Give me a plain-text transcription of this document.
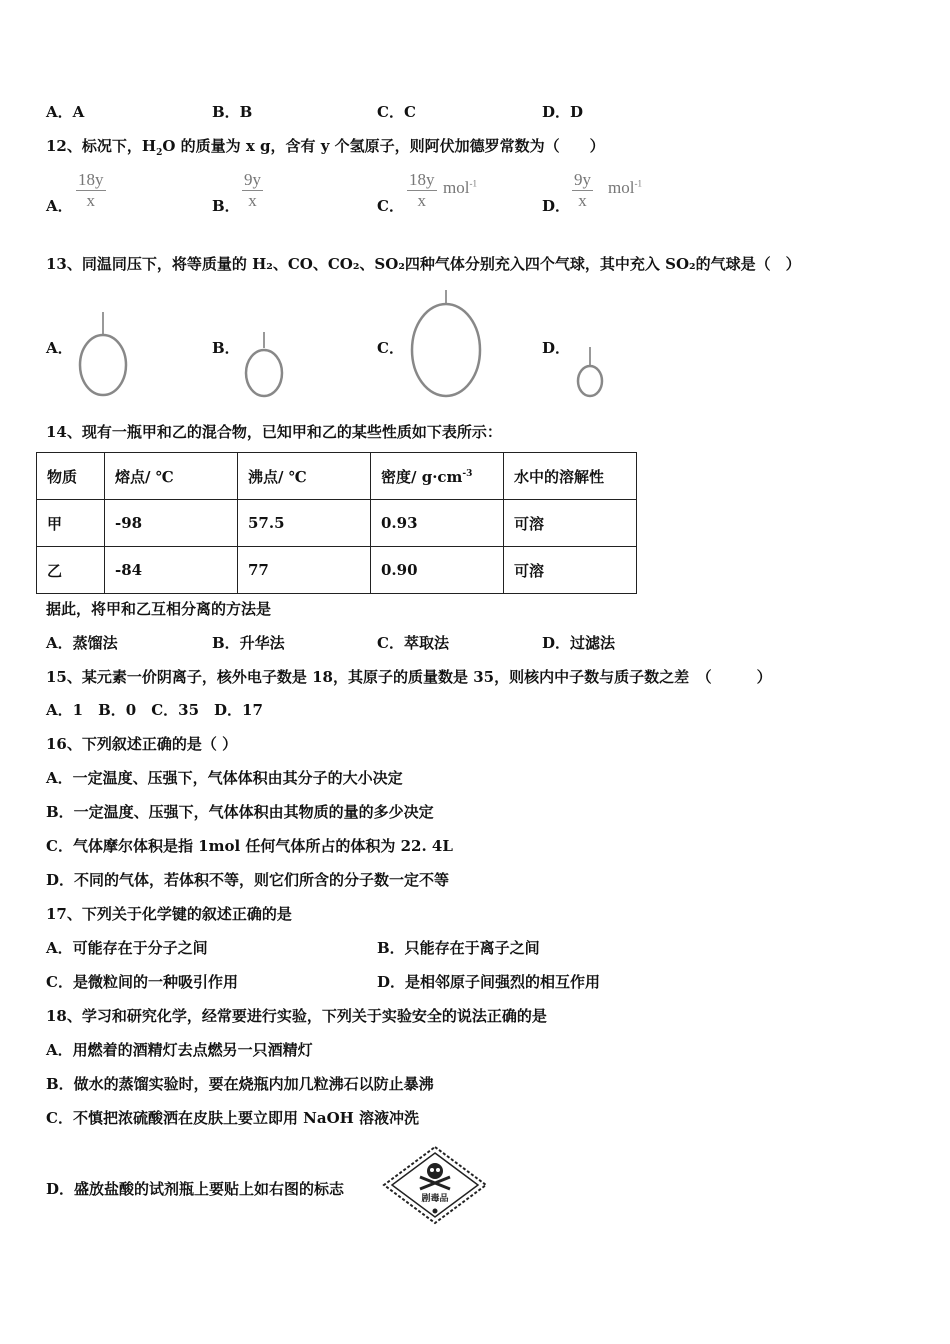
A．A	B．B	C．C	D．D
12、标况下，$H_2O$ 的质量为 x g，含有 y 个氢原子，则阿伏加德罗常数为（　　）
A． $\frac{18y}{x}$	B． $\frac{9y}{x}$	C．
18y
x
mol$^{-1}$
D．
9y
x
mol$^{-1}$
13、同温同压下，将等质量的 H₂、CO、CO₂、SO₂四种气体分别充入四个气球，其中充入 SO₂的气球是（　）
A．	B．	C．	D．
14、现有一瓶甲和乙的混合物，已知甲和乙的某些性质如下表所示：
物质	熔点/ ℃	沸点/ ℃	密度/ $g\cdot cm^{-3}$	水中的溶解性
甲	-98	57.5	0.93	可溶
乙	-84	77	0.90	可溶
据此，将甲和乙互相分离的方法是
A．蒸馏法	B．升华法	C．萃取法	D．过滤法
15、某元素一价阴离子，核外电子数是 18，其原子的质量数是 35，则核内中子数与质子数之差　（　　　）
A．1　B．0　C．35　D．17
16、下列叙述正确的是（ ）
A．一定温度、压强下，气体体积由其分子的大小决定
B．一定温度、压强下，气体体积由其物质的量的多少决定
C．气体摩尔体积是指 1mol 任何气体所占的体积为 22. 4L
D．不同的气体，若体积不等，则它们所含的分子数一定不等
17、下列关于化学键的叙述正确的是
A．可能存在于分子之间	B．只能存在于离子之间
C．是微粒间的一种吸引作用	D．是相邻原子间强烈的相互作用
18、学习和研究化学，经常要进行实验，下列关于实验安全的说法正确的是
A．用燃着的酒精灯去点燃另一只酒精灯
B．做水的蒸馏实验时，要在烧瓶内加几粒沸石以防止暴沸
C．不慎把浓硫酸洒在皮肤上要立即用 NaOH 溶液冲洗
D．盛放盐酸的试剂瓶上要贴上如右图的标志
剧毒品
